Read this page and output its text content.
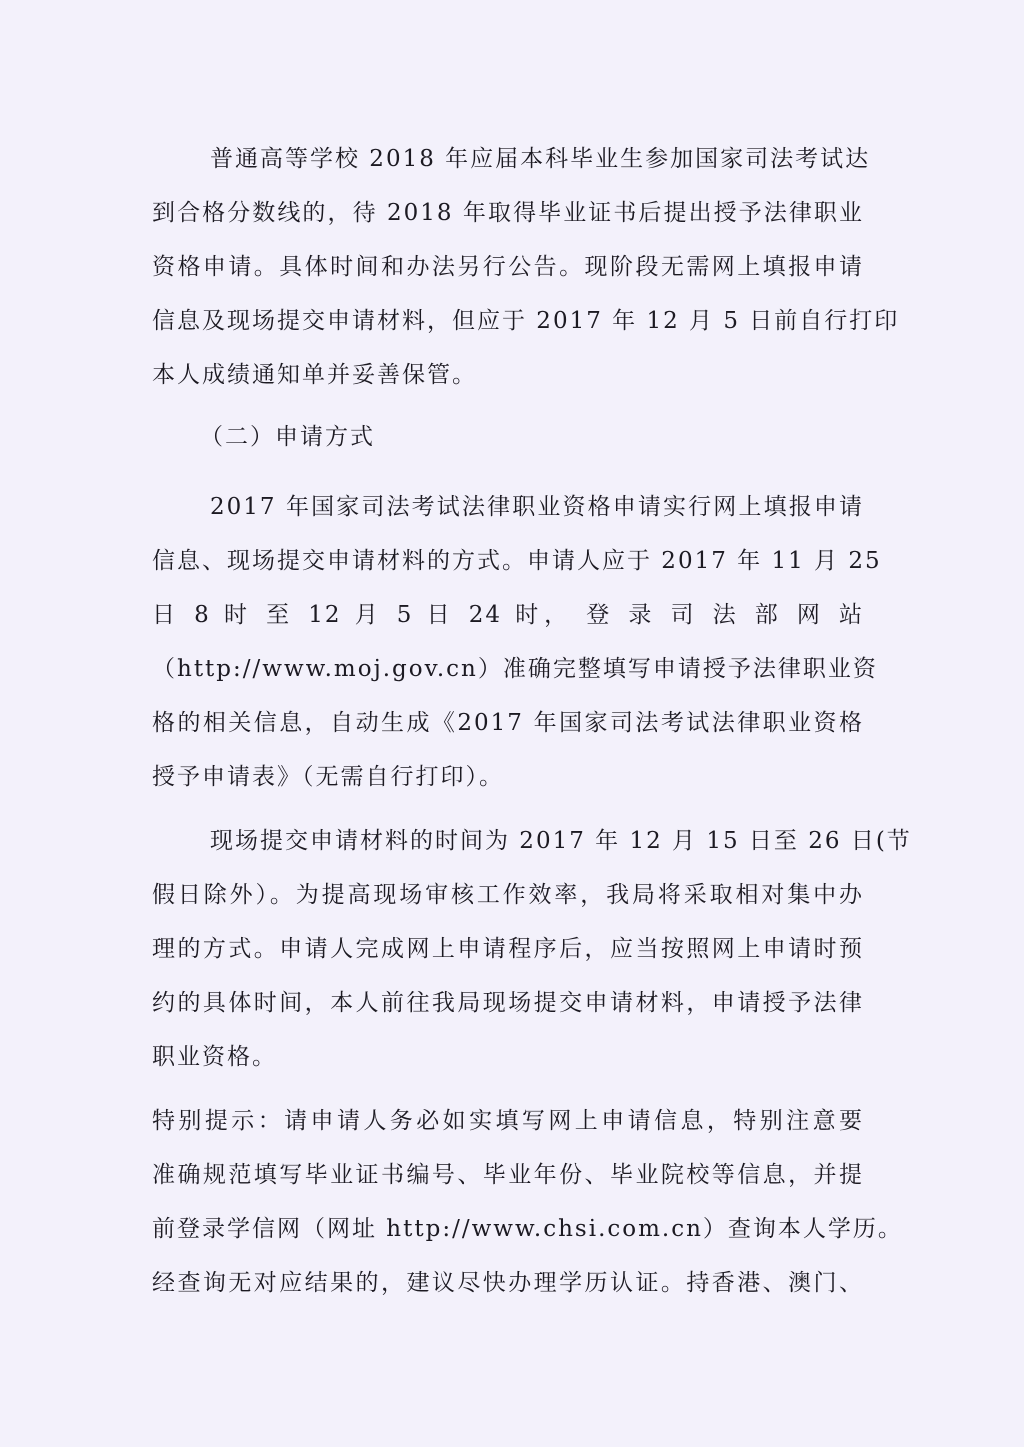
普通高等学校 2018 年应届本科毕业生参加国家司法考试达
到合格分数线的，待 2018 年取得毕业证书后提出授予法律职业
资格申请。具体时间和办法另行公告。现阶段无需网上填报申请
信息及现场提交申请材料，但应于 2017 年 12 月 5 日前自行打印
本人成绩通知单并妥善保管。
（二）申请方式
2017 年国家司法考试法律职业资格申请实行网上填报申请
信息、现场提交申请材料的方式。申请人应于 2017 年 11 月 25
日 8 时 至 12 月 5 日 24 时， 登 录 司 法 部 网 站
（http://www.moj.gov.cn）准确完整填写申请授予法律职业资
格的相关信息，自动生成《2017 年国家司法考试法律职业资格
授予申请表》（无需自行打印）。
现场提交申请材料的时间为 2017 年 12 月 15 日至 26 日(节
假日除外）。为提高现场审核工作效率，我局将采取相对集中办
理的方式。申请人完成网上申请程序后，应当按照网上申请时预
约的具体时间，本人前往我局现场提交申请材料，申请授予法律
职业资格。
特别提示：请申请人务必如实填写网上申请信息，特别注意要
准确规范填写毕业证书编号、毕业年份、毕业院校等信息，并提
前登录学信网（网址 http://www.chsi.com.cn）查询本人学历。
经查询无对应结果的，建议尽快办理学历认证。持香港、澳门、
